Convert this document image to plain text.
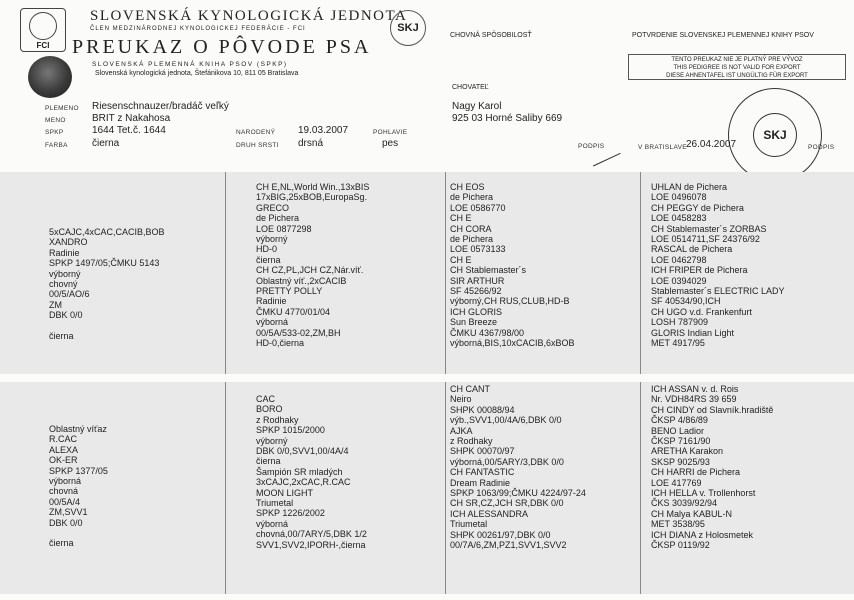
FCI
SLOVENSKÁ KYNOLOGICKÁ JEDNOTA
ČLEN MEDZINÁRODNEJ KYNOLOGICKEJ FEDERÁCIE - FCI
PREUKAZ O PÔVODE PSA
SLOVENSKÁ PLEMENNÁ KNIHA PSOV (SPKP)
Slovenská kynologická jednota, Štefánikova 10, 811 05 Bratislava
SKJ
CHOVNÁ SPÔSOBILOSŤ	POTVRDENIE SLOVENSKEJ PLEMENNEJ KNIHY PSOV
TENTO PREUKAZ NIE JE PLATNÝ PRE VÝVOZ
THIS PEDIGREE IS NOT VALID FOR EXPORT
DIESE AHNENTAFEL IST UNGÜLTIG FÜR EXPORT
CHOVATEĽ
SKJ
PLEMENO Riesenschnauzer/bradáč veľký
MENO	BRIT z Nakahosa
SPKP	1644 Tet.č. 1644
FARBA čierna
NARODENÝ 19.03.2007
DRUH SRSTI drsná
POHLAVIE
pes
Nagy Karol
925 03 Horné Saliby 669
PODPIS	V BRATISLAVE 26.04.2007	PODPIS
5xCAJC,4xCAC,CACIB,BOB
XANDRO
Radinie
SPKP 1497/05;ČMKU 5143
výborný
chovný
00/5/AO/6
ZM
DBK 0/0

čierna
CH E,NL,World Win.,13xBIS
17xBIG,25xBOB,EuropaSg.
GRECO
de Pichera
LOE 0877298
výborný
HD-0
čierna
CH CZ,PL,JCH CZ,Nár.víť.
Oblastný víť.,2xCACIB
PRETTY POLLY
Radinie
ČMKU 4770/01/04
výborná
00/5A/533-02,ZM,BH
HD-0,čierna
CH EOS
de Pichera
LOE 0586770
CH E
CH CORA
de Pichera
LOE 0573133
CH E
CH Stablemaster´s
SIR ARTHUR
SF 45266/92
výborný,CH RUS,CLUB,HD-B
ICH GLORIS
Sun Breeze
ČMKU 4367/98/00
výborná,BIS,10xCACIB,6xBOB
UHLAN de Pichera
LOE 0496078
CH PEGGY de Pichera
LOE 0458283
CH Stablemaster´s ZORBAS
LOE 0514711,SF 24376/92
RASCAL de Pichera
LOE 0462798
ICH FRIPER de Pichera
LOE 0394029
Stablemaster´s ELECTRIC LADY
SF 40534/90,ICH
CH UGO v.d. Frankenfurt
LOSH 787909
GLORIS Indian Light
MET 4917/95
Oblastný víťaz
R.CAC
ALEXA
OK-ER
SPKP 1377/05
výborná
chovná
00/5A/4
ZM,SVV1
DBK 0/0

čierna
CAC
BORO
z Rodhaky
SPKP 1015/2000
výborný
DBK 0/0,SVV1,00/4A/4
čierna
Šampión SR mladých
3xCAJC,2xCAC,R.CAC
MOON LIGHT
Triumetal
SPKP 1226/2002
výborná
chovná,00/7ARY/5,DBK 1/2
SVV1,SVV2,IPORH-,čierna
CH CANT
Neiro
SHPK 00088/94
výb.,SVV1,00/4A/6,DBK 0/0
AJKA
z Rodhaky
SHPK 00070/97
výborná,00/5ARY/3,DBK 0/0
CH FANTASTIC
Dream Radinie
SPKP 1063/99;ČMKU 4224/97-24
CH SR,CZ,JCH SR,DBK 0/0
ICH ALESSANDRA
Triumetal
SHPK 00261/97,DBK 0/0
00/7A/6,ZM,PZ1,SVV1,SVV2
ICH ASSAN v. d. Rois
Nr. VDH84RS 39 659
CH CINDY od Slavník.hradiště
ČKSP 4/86/89
BENO Ladior
ČKSP 7161/90
ARETHA Karakon
SKSP 9025/93
CH HARRI de Pichera
LOE 417769
ICH HELLA v. Trollenhorst
ČKS 3039/92/94
CH Malya KABUL-N
MET 3538/95
ICH DIANA z Holosmetek
ČKSP 0119/92
